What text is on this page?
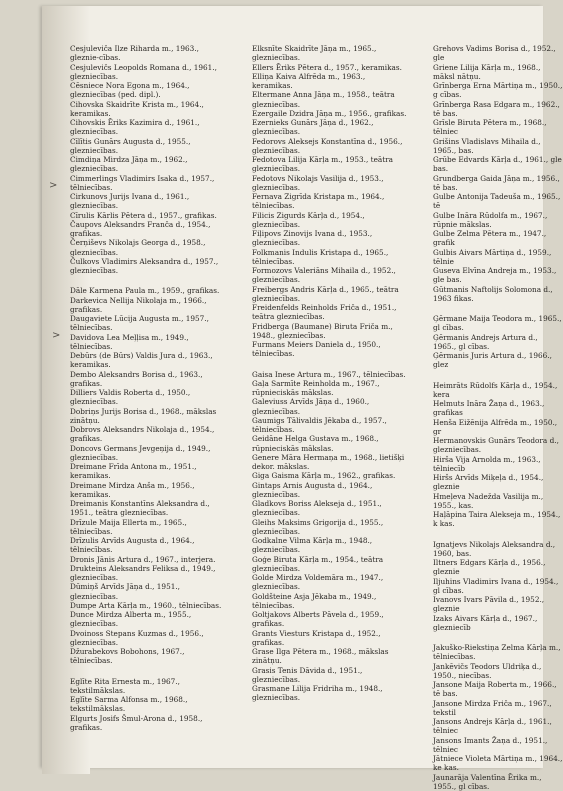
>
>

Cesjuleviča Ilze Riharda m., 1963., gleznie-cības.

Cesjulevičs Leopolds Romana d., 1961., glezniecības.

Cēsniece Nora Egona m., 1964., glezniecības (ped. dipl.).

Cihovska Skaidrīte Krista m., 1964., keramikas.

Cihovskis Ēriks Kazimira d., 1961., glezniecības.

Cīlītis Gunārs Augusta d., 1955., glezniecības.

Cimdiņa Mirdza Jāņa m., 1962., glezniecības.

Cimmerlings Vladimirs Isaka d., 1957., tēlniecības.

Cirkunovs Jurijs Ivana d., 1961., glezniecības.

Cīrulis Kārlis Pētera d., 1957., grafikas.

Čaupovs Aleksandrs Franča d., 1954., grafikas.

Čerņiševs Nikolajs Georga d., 1958., glezniecības.

Čulkovs Vladimirs Aleksandra d., 1957., glezniecības.

Dāle Karmena Paula m., 1959., grafikas.

Darkevica Nellija Nikolaja m., 1966., grafikas.

Daugaviete Lūcija Augusta m., 1957., tēlniecības.

Davidova Lea Meļļisa m., 1949., tēlniecības.

Debūrs (de Būrs) Valdis Jura d., 1963., keramikas.

Dembo Aleksandrs Borisa d., 1963., grafikas.

Dilliers Valdis Roberta d., 1950., glezniecības.

Dobriņs Jurijs Borisa d., 1968., mākslas zinātņu.

Dobrovs Aleksandrs Nikolaja d., 1954., grafikas.

Doncovs Germans Jevgeņija d., 1949., glezniecības.

Dreimane Frīda Antona m., 1951., keramikas.

Dreimane Mirdza Anša m., 1956., keramikas.

Dreimanis Konstantīns Aleksandra d., 1951., teātra glezniecības.

Drīzule Maija Ellerta m., 1965., tēlniecības.

Drīzulis Arvīds Augusta d., 1964., tēlniecības.

Dronis Jānis Artura d., 1967., interjera.

Drukteins Aleksandrs Feliksa d., 1949., glezniecības.

Dūmiņš Arvīds Jāņa d., 1951., glezniecības.

Dumpe Arta Kārļa m., 1960., tēlniecības.

Dunce Mirdza Alberta m., 1955., glezniecības.

Dvoinoss Stepans Kuzmas d., 1956., glezniecības.

Džurabekovs Bobohons, 1967., tēlniecības.

Eglīte Rita Ernesta m., 1967., tekstilmākslas.

Eglīte Sarma Alfonsa m., 1968., tekstilmākslas.

Elgurts Josifs Šmul-Arona d., 1958., grafikas.

Elksnīte Skaidrīte Jāņa m., 1965., glezniecības.

Ellers Ēriks Pētera d., 1957., keramikas.

Elliņa Kaiva Alfrēda m., 1963., keramikas.

Eltermane Anna Jāņa m., 1958., teātra glezniecības.

Ezergaile Dzidra Jāņa m., 1956., grafikas.

Ezernieks Gunārs Jāņa d., 1962., glezniecības.

Fedorovs Aleksejs Konstantīna d., 1956., glezniecības.

Fedotova Lilija Kārļa m., 1953., teātra glezniecības.

Fedotovs Nikolajs Vasilija d., 1953., glezniecības.

Fernava Zigrīda Kristapa m., 1964., tēlniecības.

Filicis Zigurds Kārļa d., 1954., glezniecības.

Fiļipovs Zinovijs Ivana d., 1953., glezniecības.

Folkmanis Indulis Kristapa d., 1965., tēlniecības.

Formozovs Valeriāns Mihaila d., 1952., glezniecības.

Freibergs Andris Kārļa d., 1965., teātra glezniecības.

Freidenfelds Reinholds Friča d., 1951., teātra glezniecības.

Fridberga (Baumane) Biruta Friča m., 1948., glezniecības.

Furmans Meiers Daniela d., 1950., tēlniecības.

Gaisa Inese Artura m., 1967., tēlniecības.

Gaļa Sarmīte Reinholda m., 1967., rūpnieciskās mākslas.

Galeviuss Arvīds Jāņa d., 1960., glezniecības.

Gaumigs Tālivaldis Jēkaba d., 1957., tēlniecības.

Geidāne Helga Gustava m., 1968., rūpnieciskās mākslas.

Genere Māra Hermaņa m., 1968., lietišķi dekor. mākslas.

Giga Gaisma Kārļa m., 1962., grafikas.

Gintaps Arnis Augusta d., 1964., glezniecības.

Gladkovs Boriss Alekseja d., 1951., glezniecības.

Gleihs Maksims Grigorija d., 1955., glezniecības.

Godkalne Vilma Kārļa m., 1948., glezniecības.

Goģe Biruta Kārļa m., 1954., teātra glezniecības.

Golde Mirdza Voldemāra m., 1947., glezniecības.

Goldšteine Asja Jēkaba m., 1949., tēlniecības.

Goltjakovs Alberts Pāvela d., 1959., grafikas.

Grants Viesturs Kristapa d., 1952., grafikas.

Grase Ilga Pētera m., 1968., mākslas zinātņu.

Grasis Tenis Dāvida d., 1951., glezniecības.

Grasmane Lilija Fridriha m., 1948., glezniecības.

Grehovs Vadims Borisa d., 1952., gle

Griene Lilija Kārļa m., 1968., māksl nātņu.

Grīnberga Erna Mārtiņa m., 1950., g cības.

Grīnberga Rasa Edgara m., 1962., tē bas.

Grīsle Biruta Pētera m., 1968., tēlniec

Grišins Vladislavs Mihaila d., 1965., bas.

Grūbe Edvards Kārļa d., 1961., gle bas.

Grundberga Gaida Jāņa m., 1956., tē bas.

Gulbe Antonija Tadeuša m., 1965., tē

Gulbe Ināra Rūdolfa m., 1967., rūpnie mākslas.

Gulbe Zelma Pētera m., 1947., grafik

Gulbis Aivars Mārtiņa d., 1959., tēlnie

Guseva Elvīna Andreja m., 1953., gle bas.

Gūtmanis Naftolijs Solomona d., 1963 fikas.

Ģērmane Maija Teodora m., 1965., gl cības.

Ģērmanis Andrejs Artura d., 1965., gl cības.

Ģērmanis Juris Artura d., 1966., glez

Heimrāts Rūdolfs Kārļa d., 1954., kera

Helmuts Ināra Žaņa d., 1963., grafikas

Henša Eižēnija Alfrēda m., 1950., gr

Hermanovskis Gunārs Teodora d., glezniecības.

Hirša Vija Arnolda m., 1963., tēlniecīb

Hiršs Arvīds Miķeļa d., 1954., gleznie

Hmeļeva Nadežda Vasilija m., 1955., kas.

Haļāpina Taira Alekseja m., 1954., k kas.

Ignatjevs Nikolajs Aleksandra d., 1960, bas.

Iltners Edgars Kārļa d., 1956., gleznie

Iljuhins Vladimirs Ivana d., 1954., gl cības.

Ivanovs Ivars Pāvila d., 1952., gleznie

Izaks Aivars Kārļa d., 1967., glezniecīb

Jakuško-Riekstiņa Zelma Kārļa m., tēlniecības.

Jankēvičs Teodors Uldriķa d., 1950., niecības.

Jansone Maija Roberta m., 1966., tē bas.

Jansone Mirdza Friča m., 1967., tekstil

Jansons Andrejs Kārļa d., 1961., tēlniec

Jansons Imants Žaņa d., 1951., tēlniec

Jātniece Violeta Mārtiņa m., 1964., ke kas.

Jaunarāja Valentīna Ērika m., 1955., gl cības.
